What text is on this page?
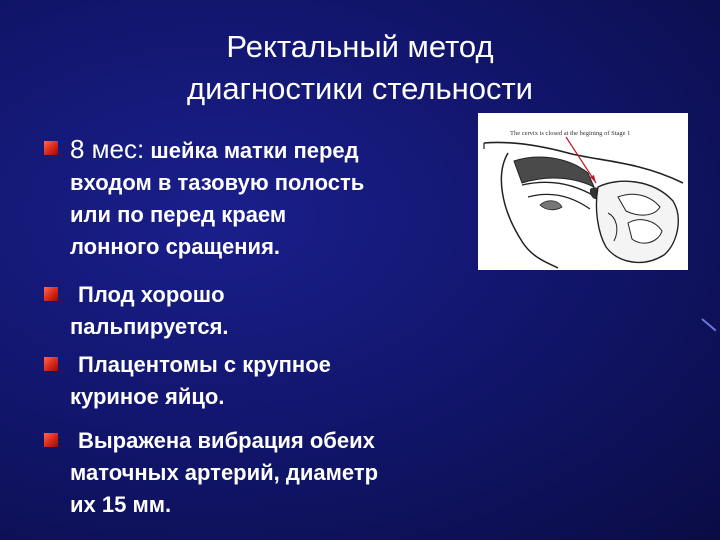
Ректальный метод
диагностики стельности
8 мес: шейка матки перед
входом в тазовую полость
или по перед краем
лонного сращения.
Плод хорошо
пальпируется.
Плацентомы с крупное
куриное яйцо.
Выражена вибрация обеих
маточных артерий, диаметр
их 15 мм.
The cervix is closed at the begining of Stage 1
